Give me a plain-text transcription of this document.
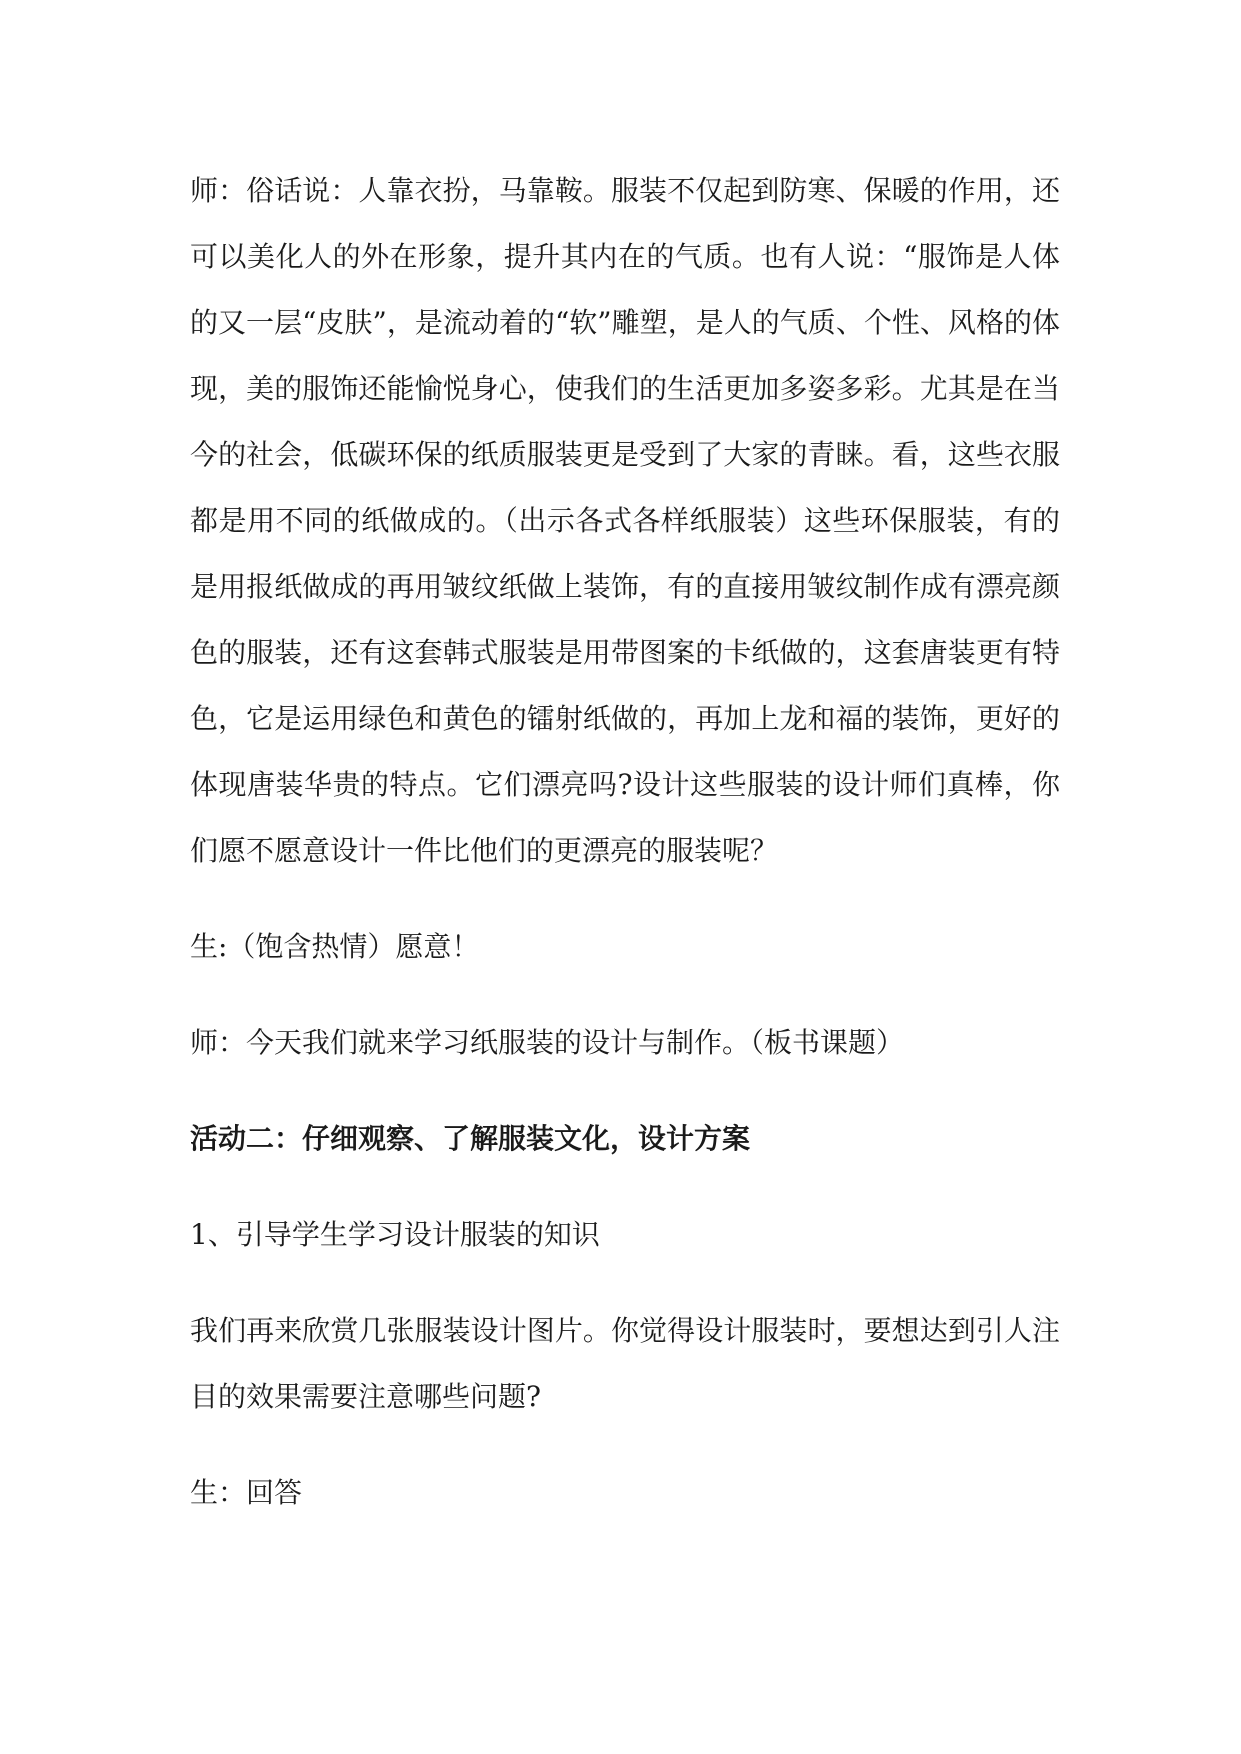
师：俗话说：人靠衣扮，马靠鞍。服装不仅起到防寒、保暖的作用，还可以美化人的外在形象，提升其内在的气质。也有人说：“服饰是人体的又一层“皮肤”，是流动着的“软”雕塑，是人的气质、个性、风格的体现，美的服饰还能愉悦身心，使我们的生活更加多姿多彩。尤其是在当今的社会，低碳环保的纸质服装更是受到了大家的青睐。看，这些衣服都是用不同的纸做成的。（出示各式各样纸服装）这些环保服装，有的是用报纸做成的再用皱纹纸做上装饰，有的直接用皱纹制作成有漂亮颜色的服装，还有这套韩式服装是用带图案的卡纸做的，这套唐装更有特色，它是运用绿色和黄色的镭射纸做的，再加上龙和福的装饰，更好的体现唐装华贵的特点。它们漂亮吗?设计这些服装的设计师们真棒，你们愿不愿意设计一件比他们的更漂亮的服装呢？

生:（饱含热情）愿意！

师：今天我们就来学习纸服装的设计与制作。（板书课题）

活动二：仔细观察、了解服装文化，设计方案

1、引导学生学习设计服装的知识

我们再来欣赏几张服装设计图片。你觉得设计服装时，要想达到引人注目的效果需要注意哪些问题?

生：回答
